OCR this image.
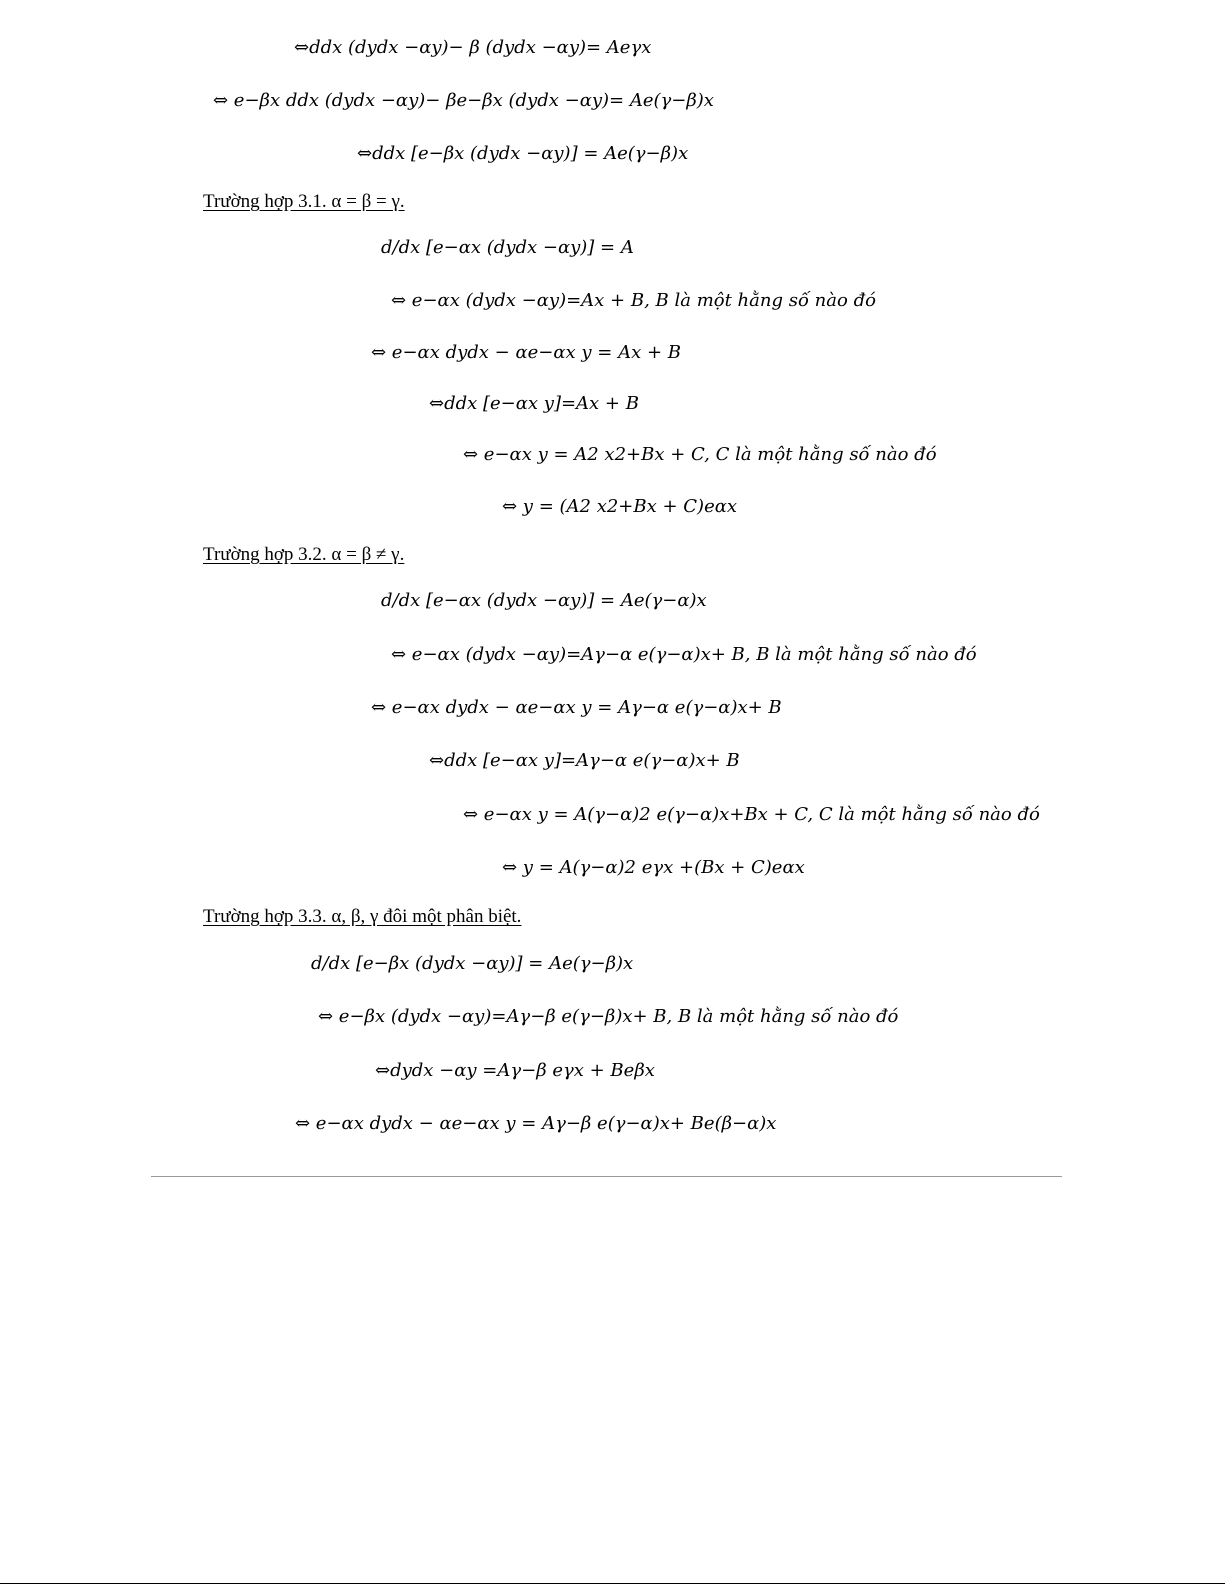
⇔ddx (dydx −αy)− β (dydx −αy)= Aeγx
⇔ e−βx ddx (dydx −αy)− βe−βx (dydx −αy)= Ae(γ−β)x
⇔ddx [e−βx (dydx −αy)] = Ae(γ−β)x
Trường hợp 3.1. α = β = γ.
d/dx [e−αx (dydx −αy)] = A
⇔ e−αx (dydx −αy)=Ax + B, B là một hằng số nào đó
⇔ e−αx dydx − αe−αx y = Ax + B
⇔ddx [e−αx y]=Ax + B
⇔ e−αx y = A2 x2+Bx + C, C là một hằng số nào đó
⇔ y = (A2 x2+Bx + C)eαx
Trường hợp 3.2. α = β ≠ γ.
d/dx [e−αx (dydx −αy)] = Ae(γ−α)x
⇔ e−αx (dydx −αy)=Aγ−α e(γ−α)x+ B, B là một hằng số nào đó
⇔ e−αx dydx − αe−αx y = Aγ−α e(γ−α)x+ B
⇔ddx [e−αx y]=Aγ−α e(γ−α)x+ B
⇔ e−αx y = A(γ−α)2 e(γ−α)x+Bx + C, C là một hằng số nào đó
⇔ y = A(γ−α)2 eγx +(Bx + C)eαx
Trường hợp 3.3. α, β, γ đôi một phân biệt.
d/dx [e−βx (dydx −αy)] = Ae(γ−β)x
⇔ e−βx (dydx −αy)=Aγ−β e(γ−β)x+ B, B là một hằng số nào đó
⇔dydx −αy =Aγ−β eγx + Beβx
⇔ e−αx dydx − αe−αx y = Aγ−β e(γ−α)x+ Be(β−α)x
